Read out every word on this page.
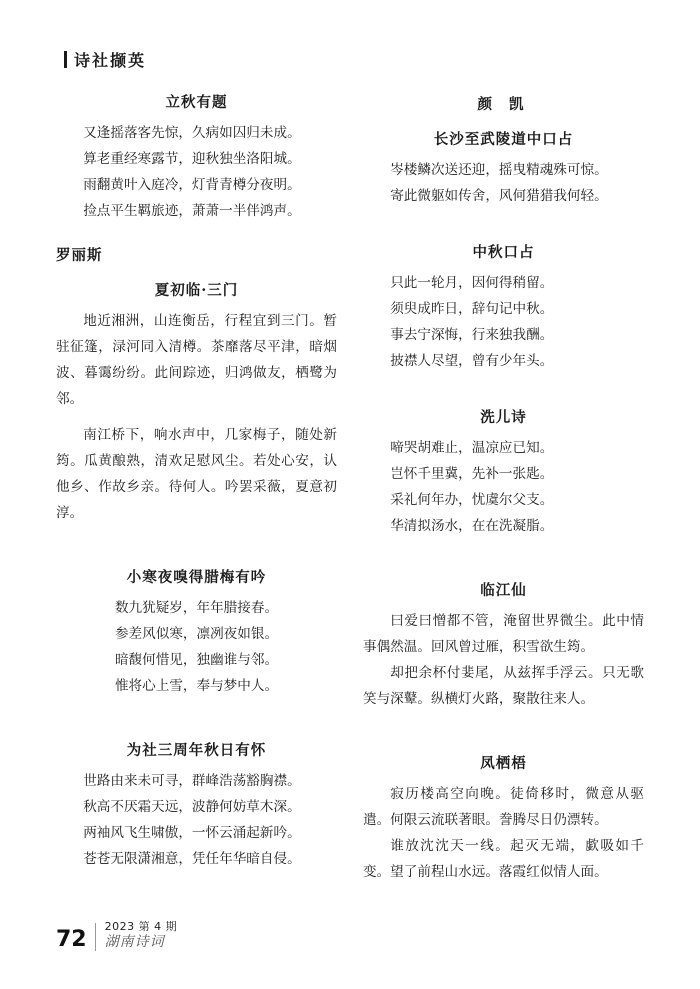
诗社撷英
立秋有题

又逢摇落客先惊，久病如囚归未成。

算老重经寒露节，迎秋独坐洛阳城。

雨翻黄叶入庭冷，灯背青樽分夜明。

捡点平生羁旅迹，萧萧一半伴鸿声。

罗丽斯
夏初临·三门

地近湘洲，山连衡岳，行程宜到三门。暂驻征篷，渌河同入清樽。茶靡落尽平津，暗烟波、暮霭纷纷。此间踪迹，归鸿做友，栖鹭为邻。

南江桥下，响水声中，几家梅子，随处新筠。瓜黄酿熟，清欢足慰风尘。若处心安，认他乡、作故乡亲。待何人。吟罢采薇，夏意初淳。

小寒夜嗅得腊梅有吟

数九犹疑岁，年年腊接春。

参差风似寒，凛冽夜如银。

暗馥何惜见，独幽谁与邻。

惟将心上雪，奉与梦中人。

为社三周年秋日有怀

世路由来未可寻，群峰浩荡豁胸襟。

秋高不厌霜天远，波静何妨草木深。

两袖风飞生啸傲，一怀云涌起新吟。

苍苍无限潇湘意，凭任年华暗自侵。

颜 凯
长沙至武陵道中口占

岑楼鳞次送还迎，摇曳精魂殊可惊。

寄此微躯如传舍，风何猎猎我何轻。

中秋口占

只此一轮月，因何得稍留。

须臾成昨日，辞句记中秋。

事去宁深悔，行来独我酬。

披襟人尽望，曾有少年头。

洗儿诗

啼哭胡难止，温凉应已知。

岂怀千里冀，先补一张匙。

采礼何年办，忧虞尔父支。

华清拟汤水，在在洗凝脂。

临江仙

曰爱曰憎都不管，淹留世界微尘。此中情事偶然温。回风曾过雁，积雪欲生筠。

却把余杯付婓尾，从兹挥手浮云。只无歌笑与深鼙。纵横灯火路，聚散往来人。

凤栖梧

寂历楼高空向晚。徒倚移时，微意从驱遣。何限云流联著眼。誊腾尽日仍漂转。

谁放沈沈天一线。起灭无端，歔吸如千变。望了前程山水远。落霞红似情人面。

72
2023 第 4 期
湖南诗词
